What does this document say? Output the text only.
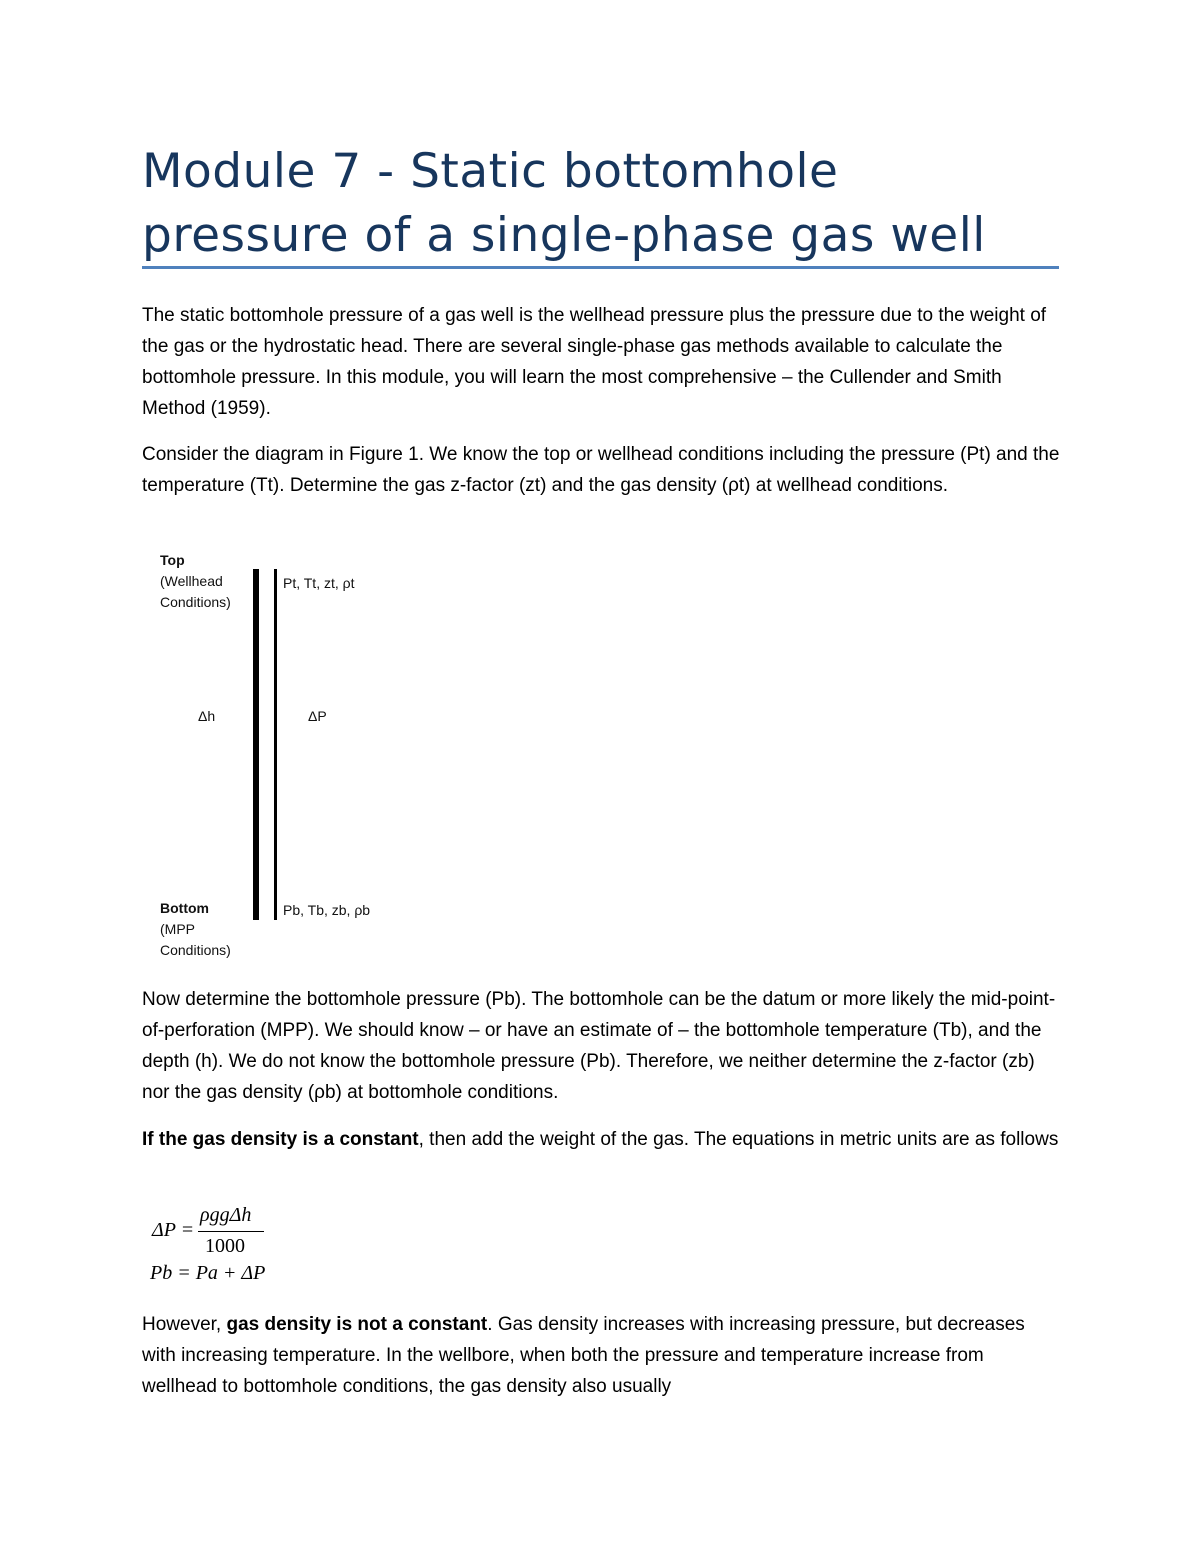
Module 7 - Static bottomhole
pressure of a single-phase gas well

The static bottomhole pressure of a gas well is the wellhead pressure plus the pressure due to the weight of the gas or the hydrostatic head. There are several single-phase gas methods available to calculate the bottomhole pressure. In this module, you will learn the most comprehensive – the Cullender and Smith Method (1959).

Consider the diagram in Figure 1. We know the top or wellhead conditions including the pressure (Pt) and the temperature (Tt). Determine the gas z-factor (zt) and the gas density (ρt) at wellhead conditions.

Top
(Wellhead
Conditions)
Pt, Tt, zt, ρt
Δh	ΔP
Pb, Tb, zb, ρb
Bottom
(MPP
Conditions)

Now determine the bottomhole pressure (Pb). The bottomhole can be the datum or more likely the mid-point-of-perforation (MPP). We should know – or have an estimate of – the bottomhole temperature (Tb), and the depth (h). We do not know the bottomhole pressure (Pb). Therefore, we neither determine the z-factor (zb) nor the gas density (ρb) at bottomhole conditions.

If the gas density is a constant, then add the weight of the gas. The equations in metric units are as follows

ΔP =
ρggΔh
1000
Pb = Pa + ΔP

However, gas density is not a constant. Gas density increases with increasing pressure, but decreases with increasing temperature. In the wellbore, when both the pressure and temperature increase from wellhead to bottomhole conditions, the gas density also usually
